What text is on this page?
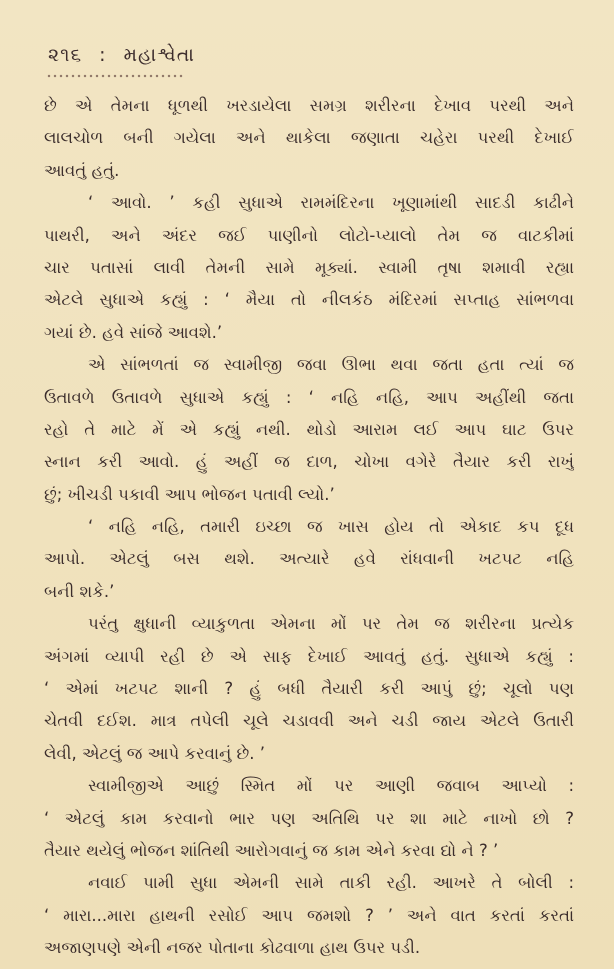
૨૧૬ : મહાશ્વેતા
છે એ તેમના ધૂળથી ખરડાયેલા સમગ્ર શરીરના દેખાવ પરથી અને
લાલચોળ બની ગયેલા અને થાકેલા જણાતા ચહેરા પરથી દેખાઈ
આવતું હતું.
‘ આવો. ’ કહી સુધાએ રામમંદિરના ખૂણામાંથી સાદડી કાઢીને
પાથરી, અને અંદર જઈ પાણીનો લોટો-પ્યાલો તેમ જ વાટકીમાં
ચાર પતાસાં લાવી તેમની સામે મૂક્યાં. સ્વામી તૃષા શમાવી રહ્યા
એટલે સુધાએ કહ્યું : ‘ મૈયા તો નીલકંઠ મંદિરમાં સપ્તાહ સાંભળવા
ગયાં છે. હવે સાંજે આવશે.’
એ સાંભળતાં જ સ્વામીજી જવા ઊભા થવા જતા હતા ત્યાં જ
ઉતાવળે ઉતાવળે સુધાએ કહ્યું : ‘ નહિ નહિ, આપ અહીંથી જતા
રહો તે માટે મેં એ કહ્યું નથી. થોડો આરામ લઈ આપ ઘાટ ઉપર
સ્નાન કરી આવો. હું અહીં જ દાળ, ચોખા વગેરે તૈયાર કરી રાખું
છું; ખીચડી પકાવી આપ ભોજન પતાવી લ્યો.’
‘ નહિ નહિ, તમારી ઇચ્છા જ ખાસ હોય તો એકાદ કપ દૂધ
આપો. એટલું બસ થશે. અત્યારે હવે રાંધવાની ખટપટ નહિ
બની શકે.’
પરંતુ ક્ષુધાની વ્યાકુળતા એમના મોં પર તેમ જ શરીરના પ્રત્યેક
અંગમાં વ્યાપી રહી છે એ સાફ દેખાઈ આવતું હતું. સુધાએ કહ્યું :
‘ એમાં ખટપટ શાની ? હું બધી તૈયારી કરી આપું છું; ચૂલો પણ
ચેતવી દઈશ. માત્ર તપેલી ચૂલે ચડાવવી અને ચડી જાય એટલે ઉતારી
લેવી, એટલું જ આપે કરવાનું છે. ’
સ્વામીજીએ આછું સ્મિત મોં પર આણી જવાબ આપ્યો :
‘ એટલું કામ કરવાનો ભાર પણ અતિથિ પર શા માટે નાખો છો ?
તૈયાર થયેલું ભોજન શાંતિથી આરોગવાનું જ કામ એને કરવા દ્યો ને ? ’
નવાઈ પામી સુધા એમની સામે તાકી રહી. આખરે તે બોલી :
‘ મારા...મારા હાથની રસોઈ આપ જમશો ? ’ અને વાત કરતાં કરતાં
અજાણપણે એની નજર પોતાના કોઢવાળા હાથ ઉપર પડી.
